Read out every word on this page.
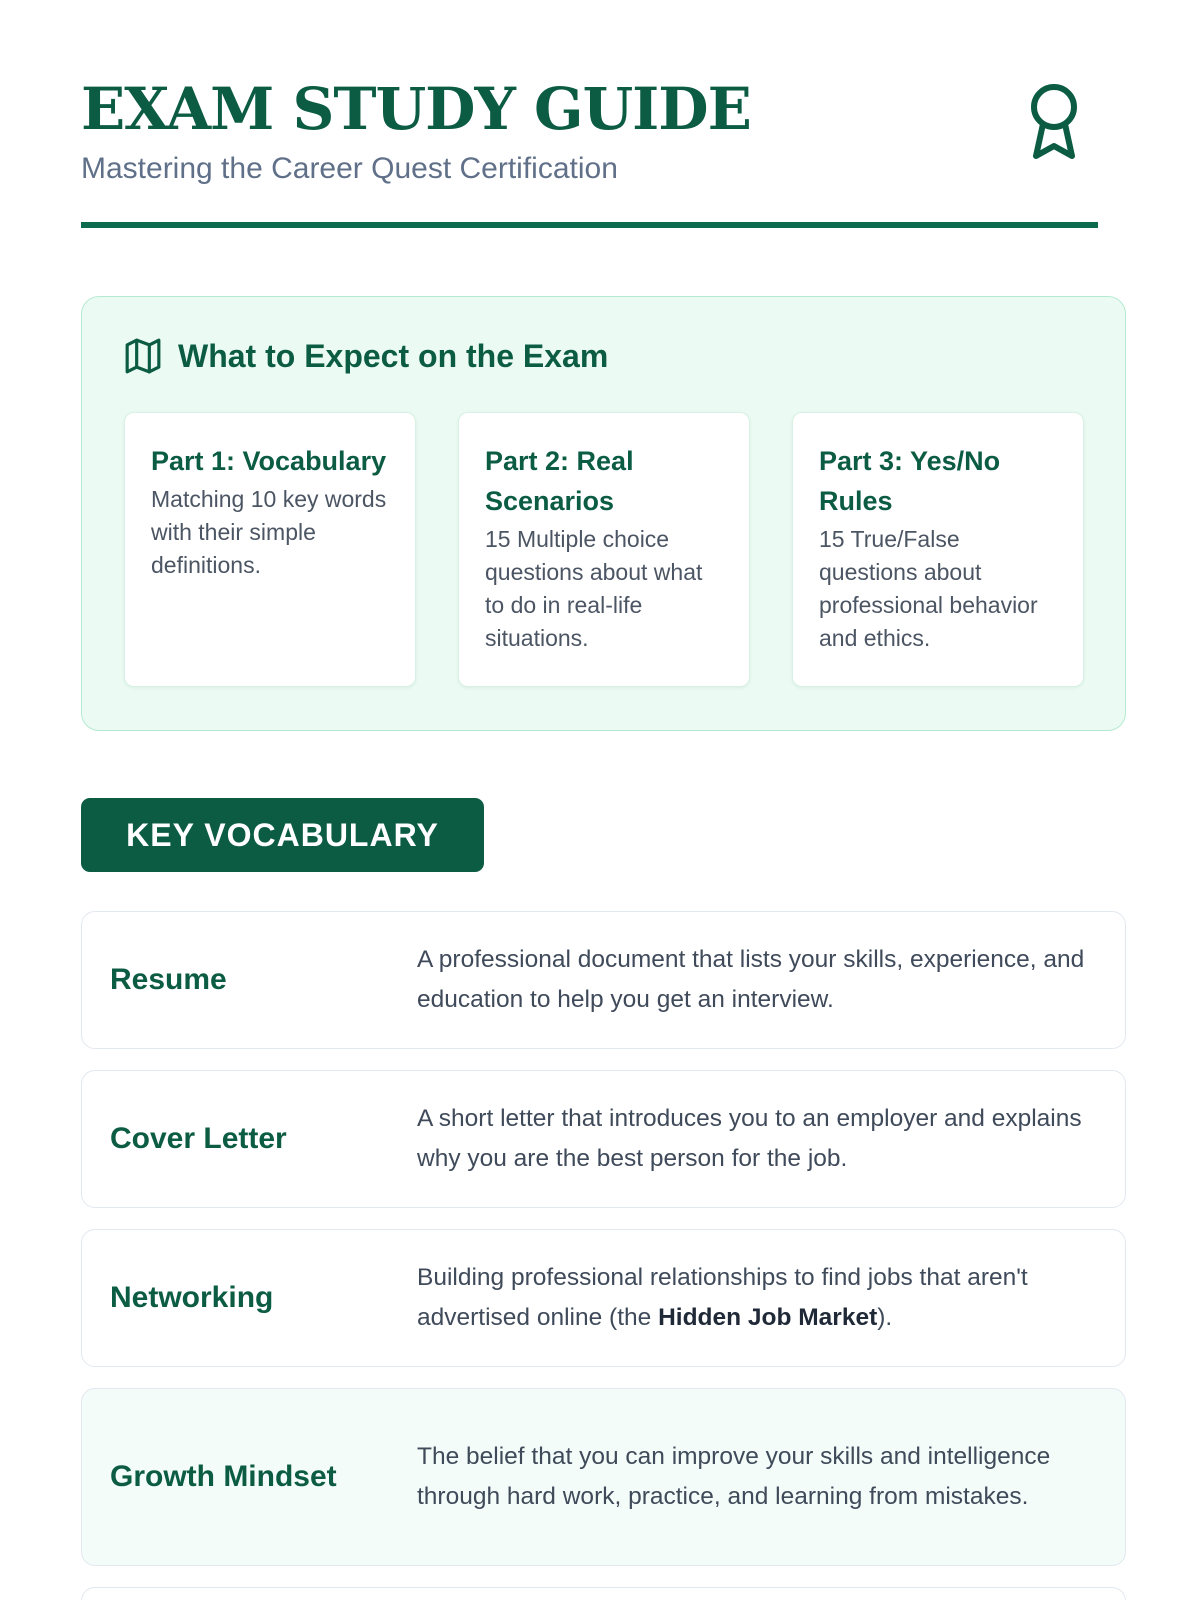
EXAM STUDY GUIDE
Mastering the Career Quest Certification
What to Expect on the Exam
Part 1: Vocabulary
Matching 10 key words with their simple definitions.
Part 2: Real Scenarios
15 Multiple choice questions about what to do in real-life situations.
Part 3: Yes/No Rules
15 True/False questions about professional behavior and ethics.
KEY VOCABULARY
Resume
A professional document that lists your skills, experience, and education to help you get an interview.
Cover Letter
A short letter that introduces you to an employer and explains why you are the best person for the job.
Networking
Building professional relationships to find jobs that aren't advertised online (the Hidden Job Market).
Growth Mindset
The belief that you can improve your skills and intelligence through hard work, practice, and learning from mistakes.
